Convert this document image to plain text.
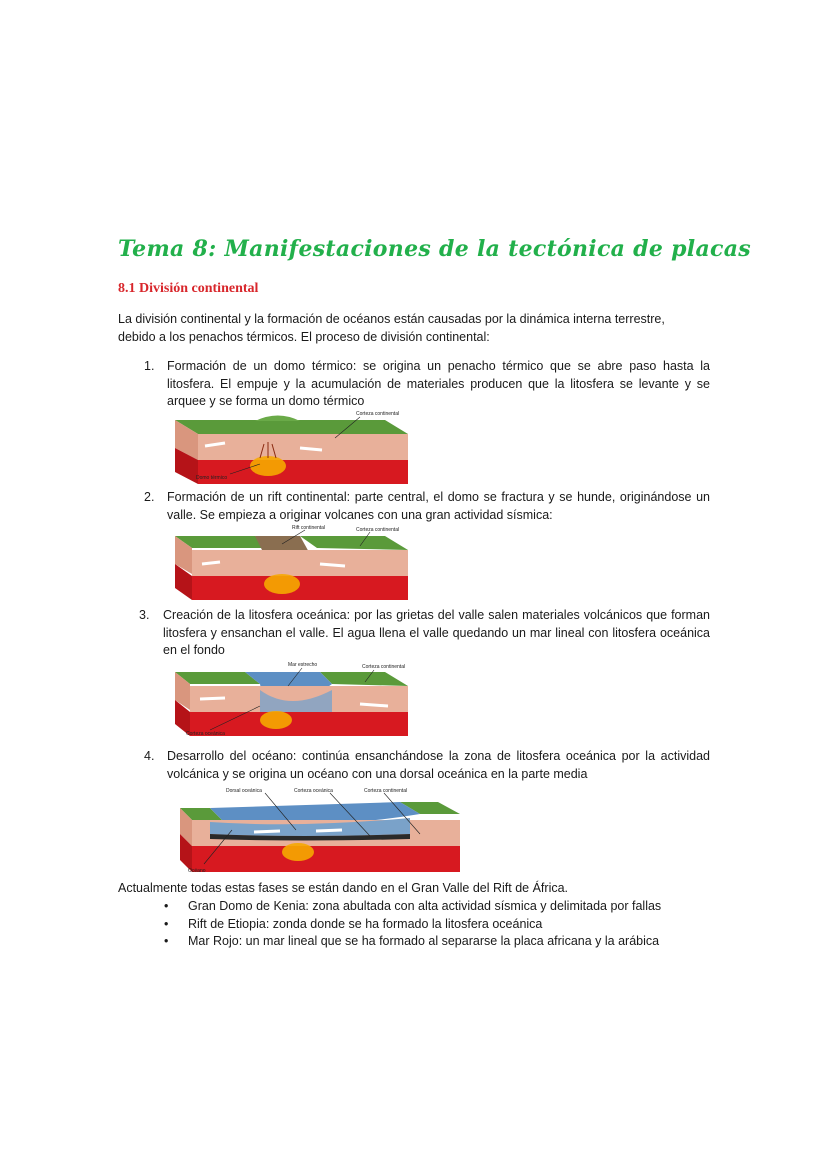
Tema 8: Manifestaciones de la tectónica de placas
8.1 División continental

La división continental y la formación de océanos están causadas por la dinámica interna terrestre,
debido a los penachos térmicos. El proceso de división continental:

1. Formación de un domo térmico: se origina un penacho térmico que se abre paso hasta la litosfera. El empuje y la acumulación de materiales producen que la litosfera se levante y se arquee y se forma un domo térmico
Corteza continental
Domo térmico
2. Formación de un rift continental: parte central, el domo se fractura y se hunde, originándose un valle. Se empieza a originar volcanes con una gran actividad sísmica:
Rift continental	Corteza continental
3. Creación de la litosfera oceánica: por las grietas del valle salen materiales volcánicos que forman litosfera y ensanchan el valle. El agua llena el valle quedando un mar lineal con litosfera oceánica en el fondo
Mar estrecho	Corteza continental
Corteza oceánica
4. Desarrollo del océano: continúa ensanchándose la zona de litosfera oceánica por la actividad volcánica y se origina un océano con una dorsal oceánica en la parte media
Dorsal oceánica	Corteza oceánica	Corteza continental
Océano

Actualmente todas estas fases se están dando en el Gran Valle del Rift de África.

• Gran Domo de Kenia: zona abultada con alta actividad sísmica y delimitada por fallas
• Rift de Etiopia: zonda donde se ha formado la litosfera oceánica
• Mar Rojo: un mar lineal que se ha formado al separarse la placa africana y la arábica
